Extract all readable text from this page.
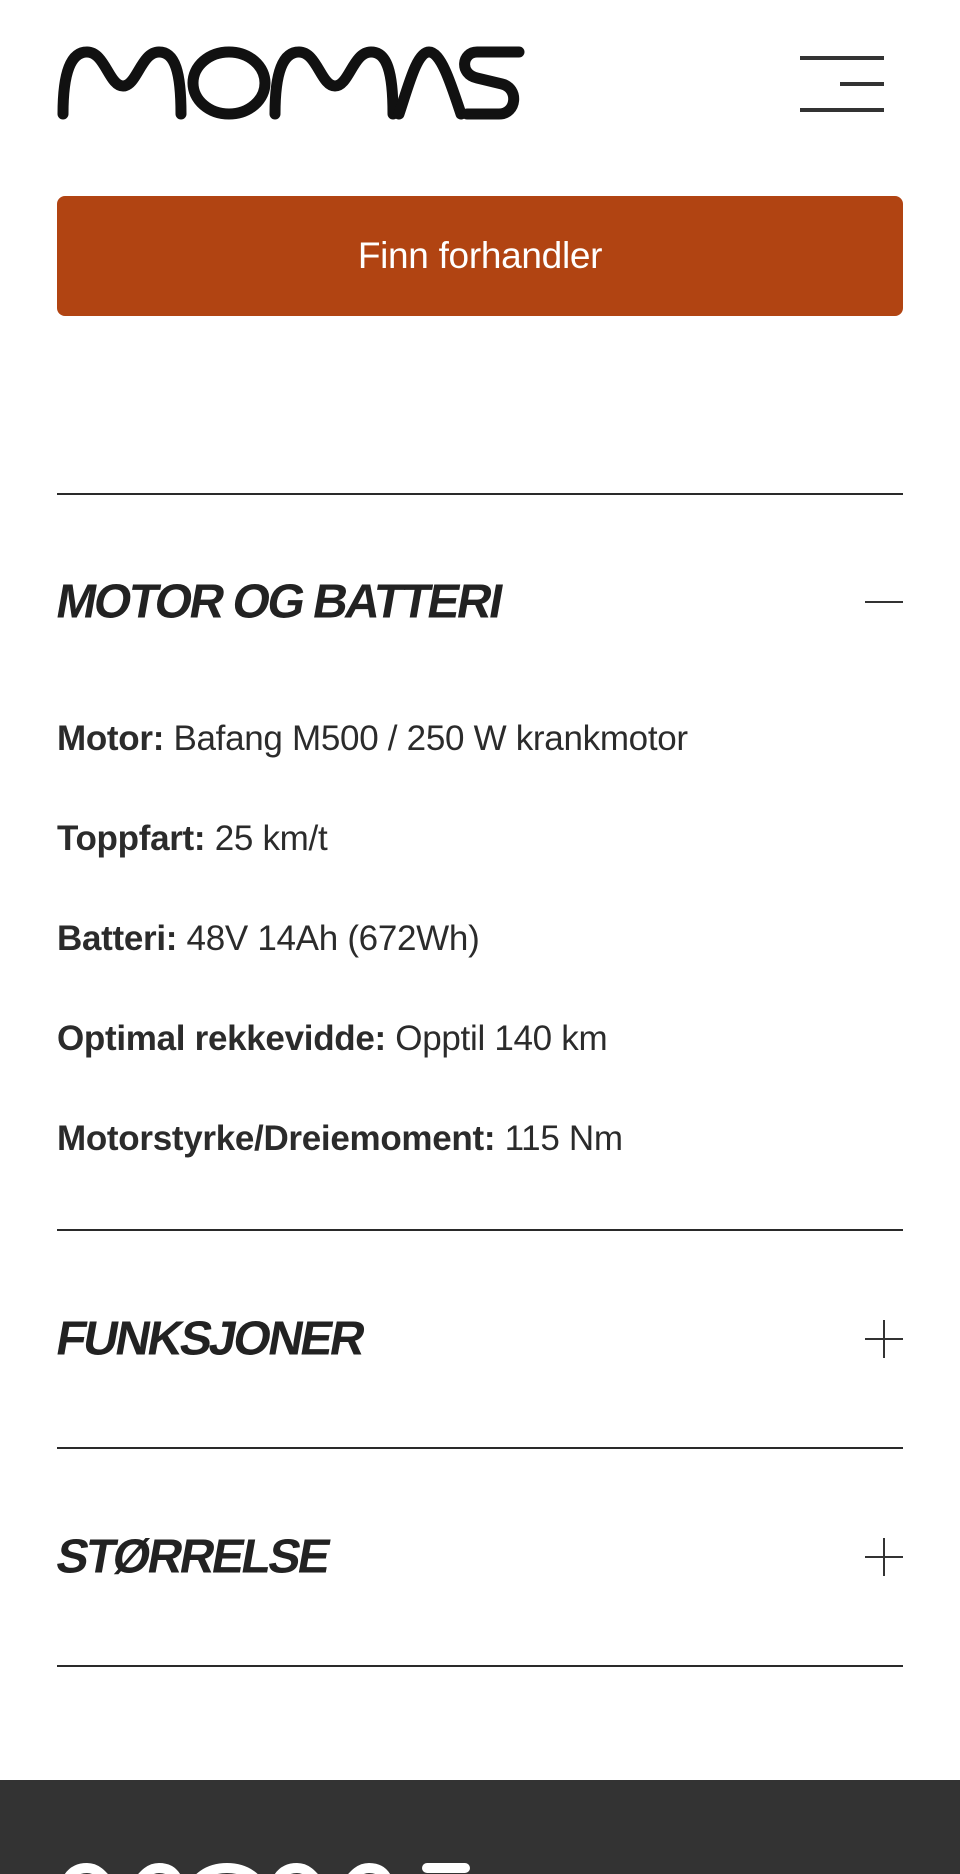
Finn forhandler
MOTOR OG BATTERI
Motor: Bafang M500 / 250 W krankmotor
Toppfart: 25 km/t
Batteri: 48V 14Ah (672Wh)
Optimal rekkevidde: Opptil 140 km
Motorstyrke/Dreiemoment: 115 Nm
FUNKSJONER
STØRRELSE
